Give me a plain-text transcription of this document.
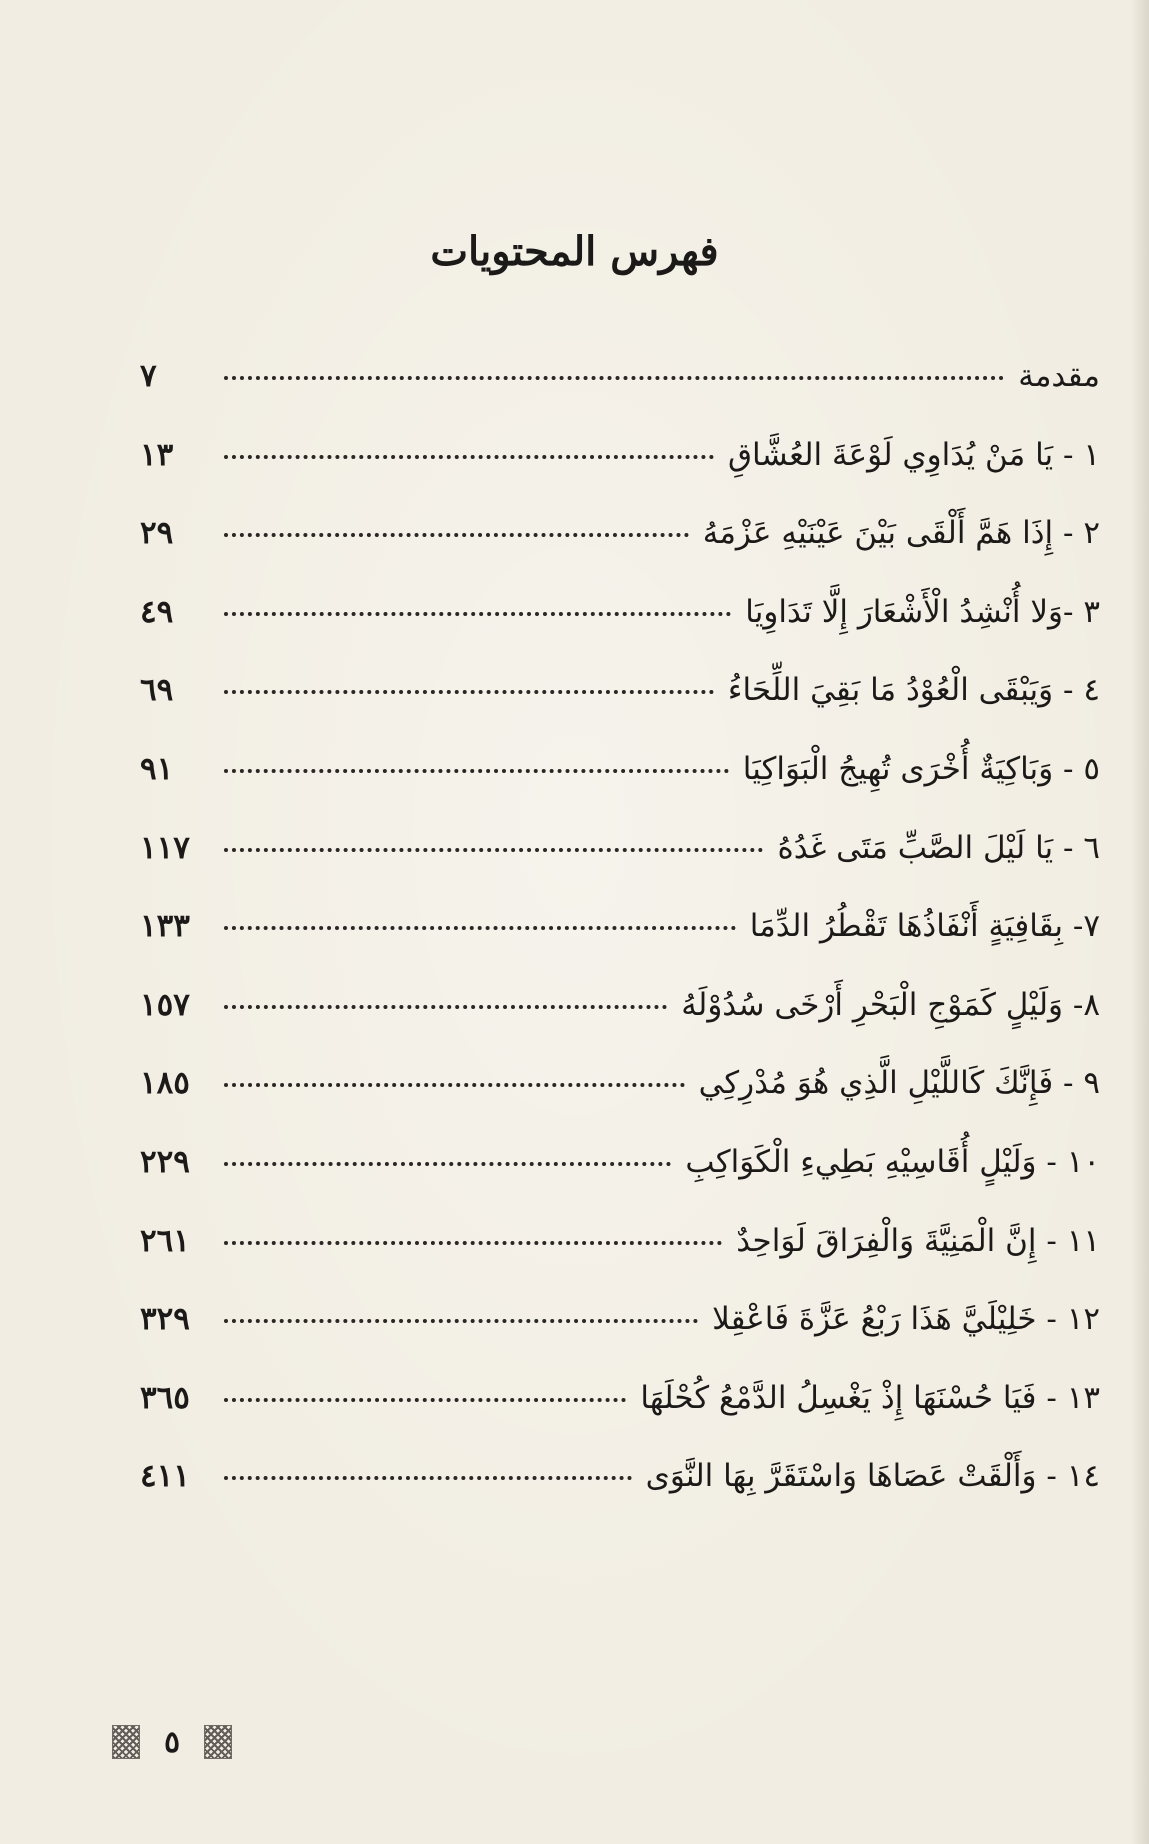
فهرس المحتويات
مقدمة
٧
١ - يَا مَنْ يُدَاوِي لَوْعَةَ العُشَّاقِ
١٣
٢ - إِذَا هَمَّ أَلْقَى بَيْنَ عَيْنَيْهِ عَزْمَهُ
٢٩
٣ -وَلا أُنْشِدُ الْأَشْعَارَ إِلَّا تَدَاوِيَا
٤٩
٤ - وَيَبْقَى الْعُوْدُ مَا بَقِيَ اللِّحَاءُ
٦٩
٥ - وَبَاكِيَةٌ أُخْرَى تُهِيجُ الْبَوَاكِيَا
٩١
٦ - يَا لَيْلَ الصَّبِّ مَتَى غَدُهُ
١١٧
٧- بِقَافِيَةٍ أَنْفَاذُهَا تَقْطُرُ الدِّمَا
١٣٣
٨- وَلَيْلٍ كَمَوْجِ الْبَحْرِ أَرْخَى سُدُوْلَهُ
١٥٧
٩ - فَإِنَّكَ كَاللَّيْلِ الَّذِي هُوَ مُدْرِكِي
١٨٥
١٠ - وَلَيْلٍ أُقَاسِيْهِ بَطِيءِ الْكَوَاكِبِ
٢٢٩
١١ - إِنَّ الْمَنِيَّةَ وَالْفِرَاقَ لَوَاحِدٌ
٢٦١
١٢ - خَلِيْلَيَّ هَذَا رَبْعُ عَزَّةَ فَاعْقِلا
٣٢٩
١٣ - فَيَا حُسْنَهَا إِذْ يَغْسِلُ الدَّمْعُ كُحْلَهَا
٣٦٥
١٤ - وَأَلْقَتْ عَصَاهَا وَاسْتَقَرَّ بِهَا النَّوَى
٤١١
٥
